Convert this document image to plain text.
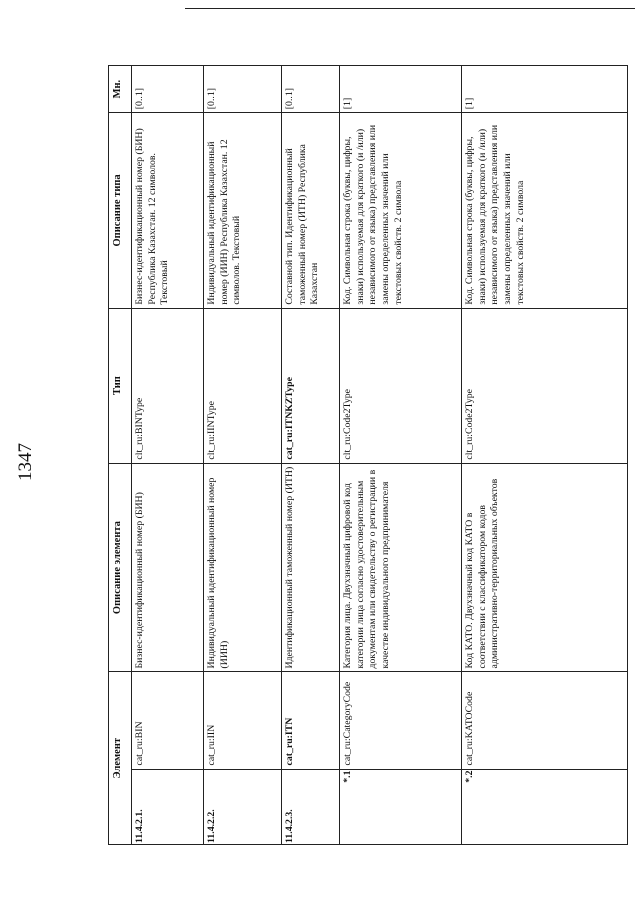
1347
Элемент		Описание элемента	Тип	Описание типа	Мн.
11.4.2.1.	cat_ru:BIN	Бизнес-идентификационный номер (БИН)	clt_ru:BINType	Бизнес-идентификационный номер (БИН) Республика Казахстан. 12 символов. Текстовый	[0..1]
11.4.2.2.	cat_ru:IIN	Индивидуальный идентификационный номер (ИИН)	clt_ru:IINType	Индивидуальный идентификационный номер (ИИН) Республика Казахстан. 12 символов. Текстовый	[0..1]
11.4.2.3.	cat_ru:ITN	Идентификационный таможенный номер (ИТН)	cat_ru:ITNKZType	Составной тип. Идентификационный таможенный номер (ИТН) Республика Казахстан	[0..1]
*.1	cat_ru:CategoryCode	Категория лица. Двухзначный цифровой код категории лица согласно удостоверительным документам или свидетельству о регистрации в качестве индивидуального предпринимателя	clt_ru:Code2Type	Код. Символьная строка (буквы, цифры, знаки) используемая для краткого (и /или) независимого от языка) представления или замены определенных значений или текстовых свойств. 2 символа	[1]
*.2	cat_ru:KATOCode	Код КАТО. Двухзначный код КАТО в соответствии с классификатором кодов административно-территориальных объектов	clt_ru:Code2Type	Код. Символьная строка (буквы, цифры, знаки) используемая для краткого (и /или) независимого от языка) представления или замены определенных значений или текстовых свойств. 2 символа	[1]
